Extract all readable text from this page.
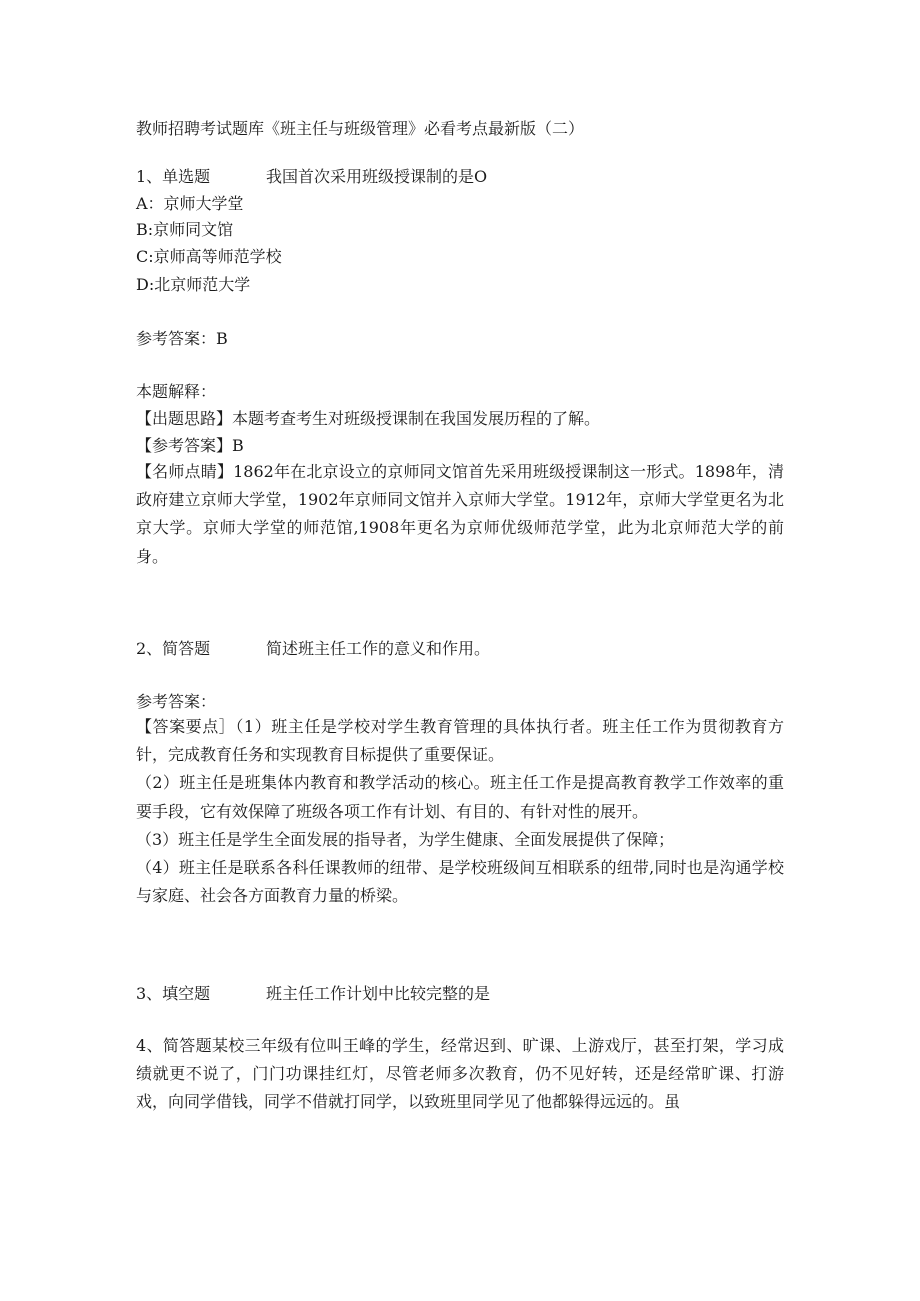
教师招聘考试题库《班主任与班级管理》必看考点最新版（二）
1、单选题	我国首次采用班级授课制的是O
A：京师大学堂
B:京师同文馆
C:京师高等师范学校
D:北京师范大学
参考答案：B
本题解释：
【出题思路】本题考查考生对班级授课制在我国发展历程的了解。
【参考答案】B

【名师点睛】1862年在北京设立的京师同文馆首先采用班级授课制这一形式。1898年，清政府建立京师大学堂，1902年京师同文馆并入京师大学堂。1912年，京师大学堂更名为北京大学。京师大学堂的师范馆,1908年更名为京师优级师范学堂，此为北京师范大学的前身。

2、简答题	简述班主任工作的意义和作用。
参考答案：

【答案要点］（1）班主任是学校对学生教育管理的具体执行者。班主任工作为贯彻教育方针，完成教育任务和实现教育目标提供了重要保证。

（2）班主任是班集体内教育和教学活动的核心。班主任工作是提高教育教学工作效率的重要手段，它有效保障了班级各项工作有计划、有目的、有针对性的展开。

（3）班主任是学生全面发展的指导者，为学生健康、全面发展提供了保障；

（4）班主任是联系各科任课教师的纽带、是学校班级间互相联系的纽带,同时也是沟通学校与家庭、社会各方面教育力量的桥梁。

3、填空题	班主任工作计划中比较完整的是

4、简答题某校三年级有位叫王峰的学生，经常迟到、旷课、上游戏厅，甚至打架，学习成绩就更不说了，门门功课挂红灯，尽管老师多次教育，仍不见好转，还是经常旷课、打游戏，向同学借钱，同学不借就打同学，以致班里同学见了他都躲得远远的。虽
